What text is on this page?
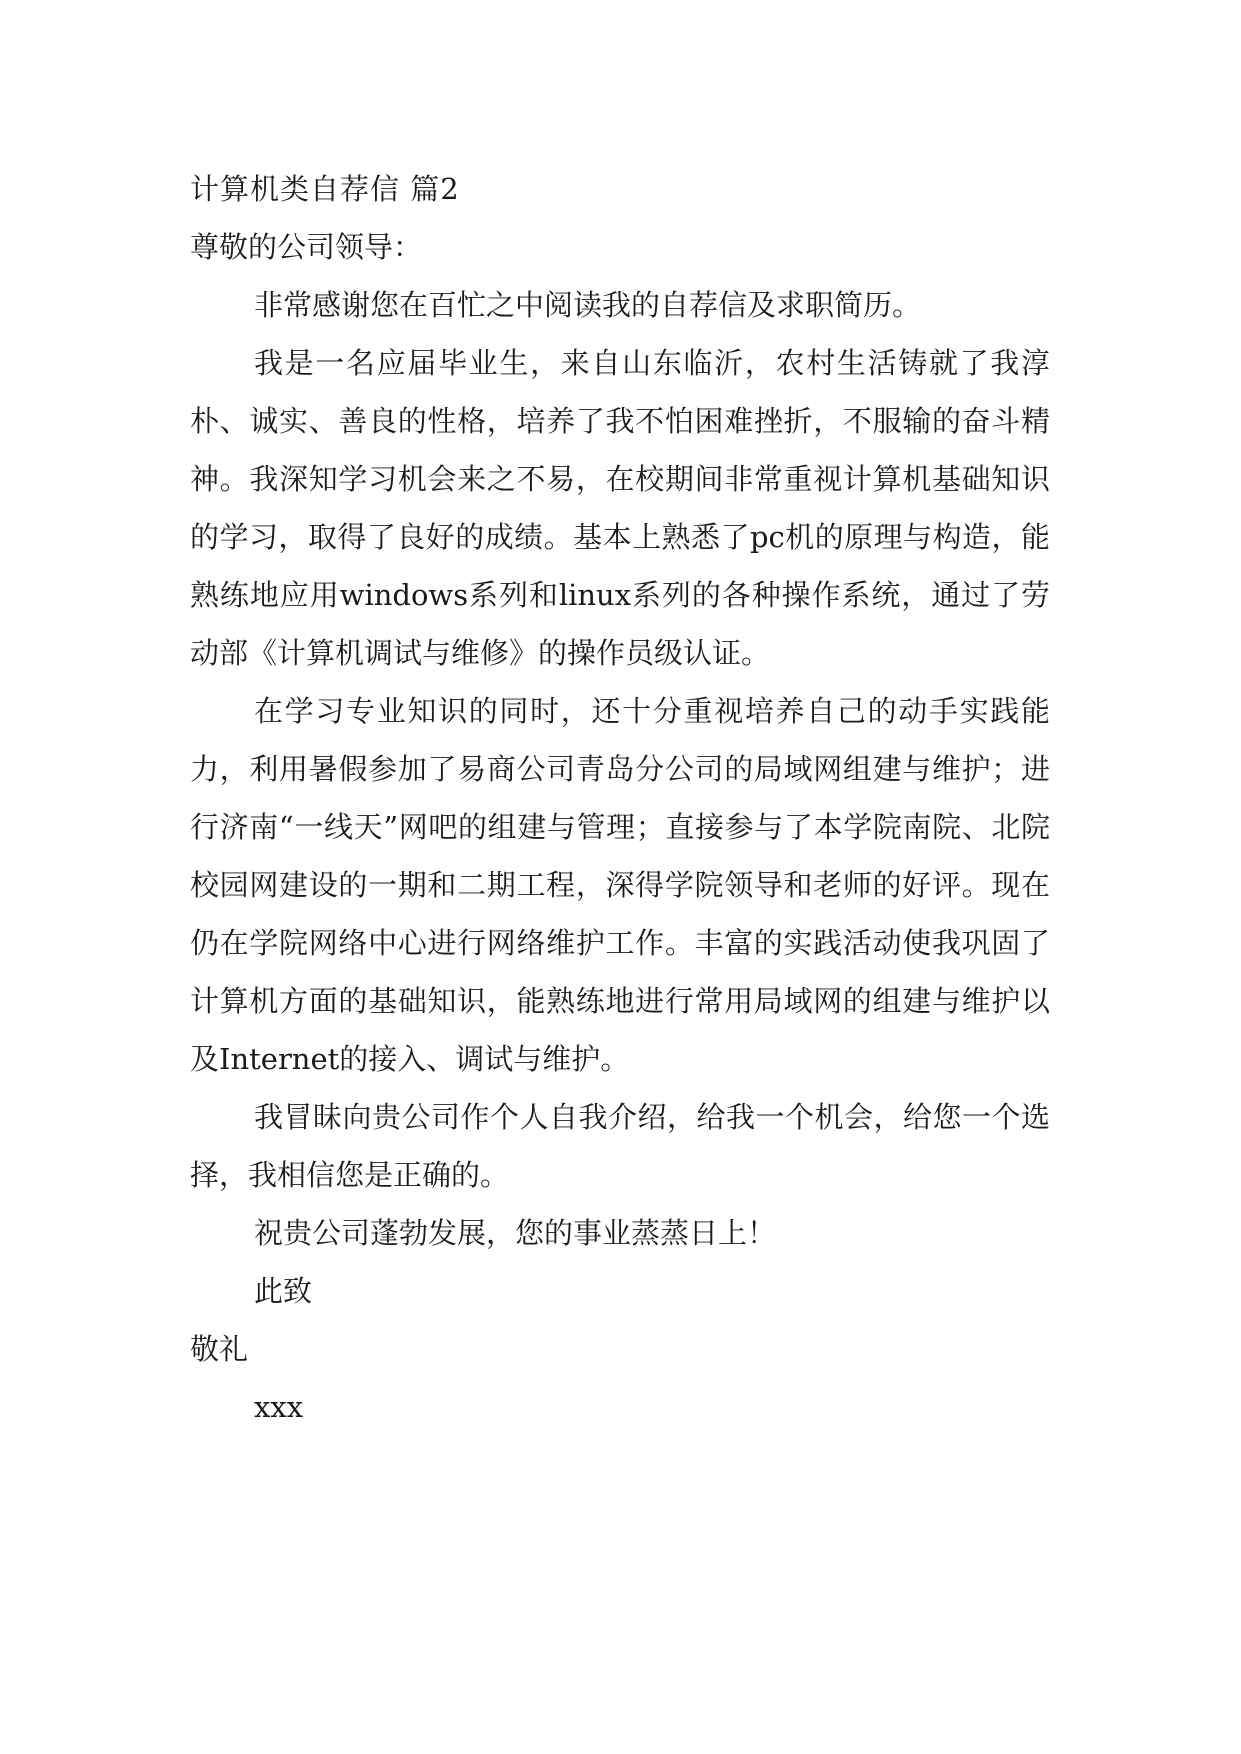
计算机类自荐信 篇2

尊敬的公司领导：

非常感谢您在百忙之中阅读我的自荐信及求职简历。

我是一名应届毕业生，来自山东临沂，农村生活铸就了我淳朴、诚实、善良的性格，培养了我不怕困难挫折，不服输的奋斗精神。我深知学习机会来之不易，在校期间非常重视计算机基础知识的学习，取得了良好的成绩。基本上熟悉了pc机的原理与构造，能熟练地应用windows系列和linux系列的各种操作系统，通过了劳动部《计算机调试与维修》的操作员级认证。

在学习专业知识的同时，还十分重视培养自己的动手实践能力，利用暑假参加了易商公司青岛分公司的局域网组建与维护；进行济南“一线天”网吧的组建与管理；直接参与了本学院南院、北院校园网建设的一期和二期工程，深得学院领导和老师的好评。现在仍在学院网络中心进行网络维护工作。丰富的实践活动使我巩固了计算机方面的基础知识，能熟练地进行常用局域网的组建与维护以及Internet的接入、调试与维护。

我冒昧向贵公司作个人自我介绍，给我一个机会，给您一个选择，我相信您是正确的。

祝贵公司蓬勃发展，您的事业蒸蒸日上！

此致

敬礼

xxx
